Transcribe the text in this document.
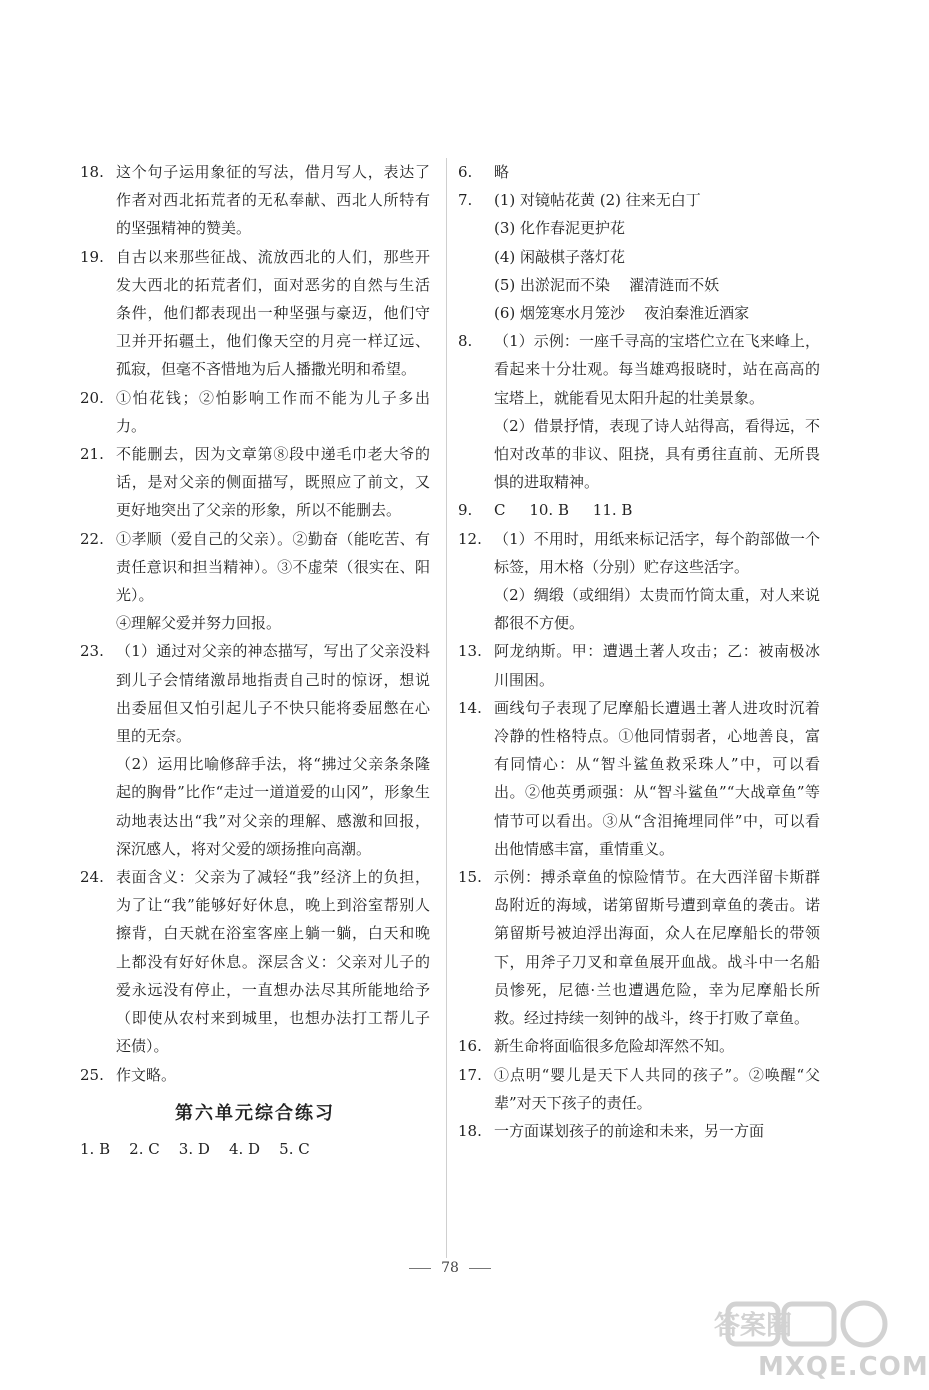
18. 这个句子运用象征的写法，借月写人，表达了作者对西北拓荒者的无私奉献、西北人所特有的坚强精神的赞美。
19. 自古以来那些征战、流放西北的人们，那些开发大西北的拓荒者们，面对恶劣的自然与生活条件，他们都表现出一种坚强与豪迈，他们守卫并开拓疆土，他们像天空的月亮一样辽远、孤寂，但毫不吝惜地为后人播撒光明和希望。
20. ①怕花钱；②怕影响工作而不能为儿子多出力。
21. 不能删去，因为文章第⑧段中递毛巾老大爷的话，是对父亲的侧面描写，既照应了前文，又更好地突出了父亲的形象，所以不能删去。
22. ①孝顺（爱自己的父亲）。②勤奋（能吃苦、有责任意识和担当精神）。③不虚荣（很实在、阳光）。
④理解父爱并努力回报。
23. （1）通过对父亲的神态描写，写出了父亲没料到儿子会情绪激昂地指责自己时的惊讶，想说出委屈但又怕引起儿子不快只能将委屈憋在心里的无奈。
（2）运用比喻修辞手法，将“拂过父亲条条隆起的胸骨”比作“走过一道道爱的山冈”，形象生动地表达出“我”对父亲的理解、感激和回报，深沉感人，将对父爱的颂扬推向高潮。
24. 表面含义：父亲为了减轻“我”经济上的负担，为了让“我”能够好好休息，晚上到浴室帮别人擦背，白天就在浴室客座上躺一躺，白天和晚上都没有好好休息。深层含义：父亲对儿子的爱永远没有停止，一直想办法尽其所能地给予（即使从农村来到城里，也想办法打工帮儿子还债）。
25. 作文略。
第六单元综合练习
1. B    2. C    3. D    4. D    5. C
6.	略
7.	(1) 对镜帖花黄 (2) 往来无白丁
(3) 化作春泥更护花
(4) 闲敲棋子落灯花
(5) 出淤泥而不染    濯清涟而不妖
(6) 烟笼寒水月笼沙    夜泊秦淮近酒家
8.	（1）示例：一座千寻高的宝塔伫立在飞来峰上，看起来十分壮观。每当雄鸡报晓时，站在高高的宝塔上，就能看见太阳升起的壮美景象。
（2）借景抒情，表现了诗人站得高，看得远，不怕对改革的非议、阻挠，具有勇往直前、无所畏惧的进取精神。
9.	C     10. B     11. B
12. （1）不用时，用纸来标记活字，每个韵部做一个标签，用木格（分别）贮存这些活字。
（2）绸缎（或细绢）太贵而竹筒太重，对人来说都很不方便。
13. 阿龙纳斯。甲：遭遇土著人攻击；乙：被南极冰川围困。
14. 画线句子表现了尼摩船长遭遇土著人进攻时沉着冷静的性格特点。①他同情弱者，心地善良，富有同情心：从“智斗鲨鱼救采珠人”中，可以看出。②他英勇顽强：从“智斗鲨鱼”“大战章鱼”等情节可以看出。③从“含泪掩埋同伴”中，可以看出他情感丰富，重情重义。
15. 示例：搏杀章鱼的惊险情节。在大西洋留卡斯群岛附近的海域，诺第留斯号遭到章鱼的袭击。诺第留斯号被迫浮出海面，众人在尼摩船长的带领下，用斧子刀叉和章鱼展开血战。战斗中一名船员惨死，尼德·兰也遭遇危险，幸为尼摩船长所救。经过持续一刻钟的战斗，终于打败了章鱼。
16. 新生命将面临很多危险却浑然不知。
17. ①点明“婴儿是天下人共同的孩子”。②唤醒“父辈”对天下孩子的责任。
18. 一方面谋划孩子的前途和未来，另一方面
78
答案圈
MXQE.COM
